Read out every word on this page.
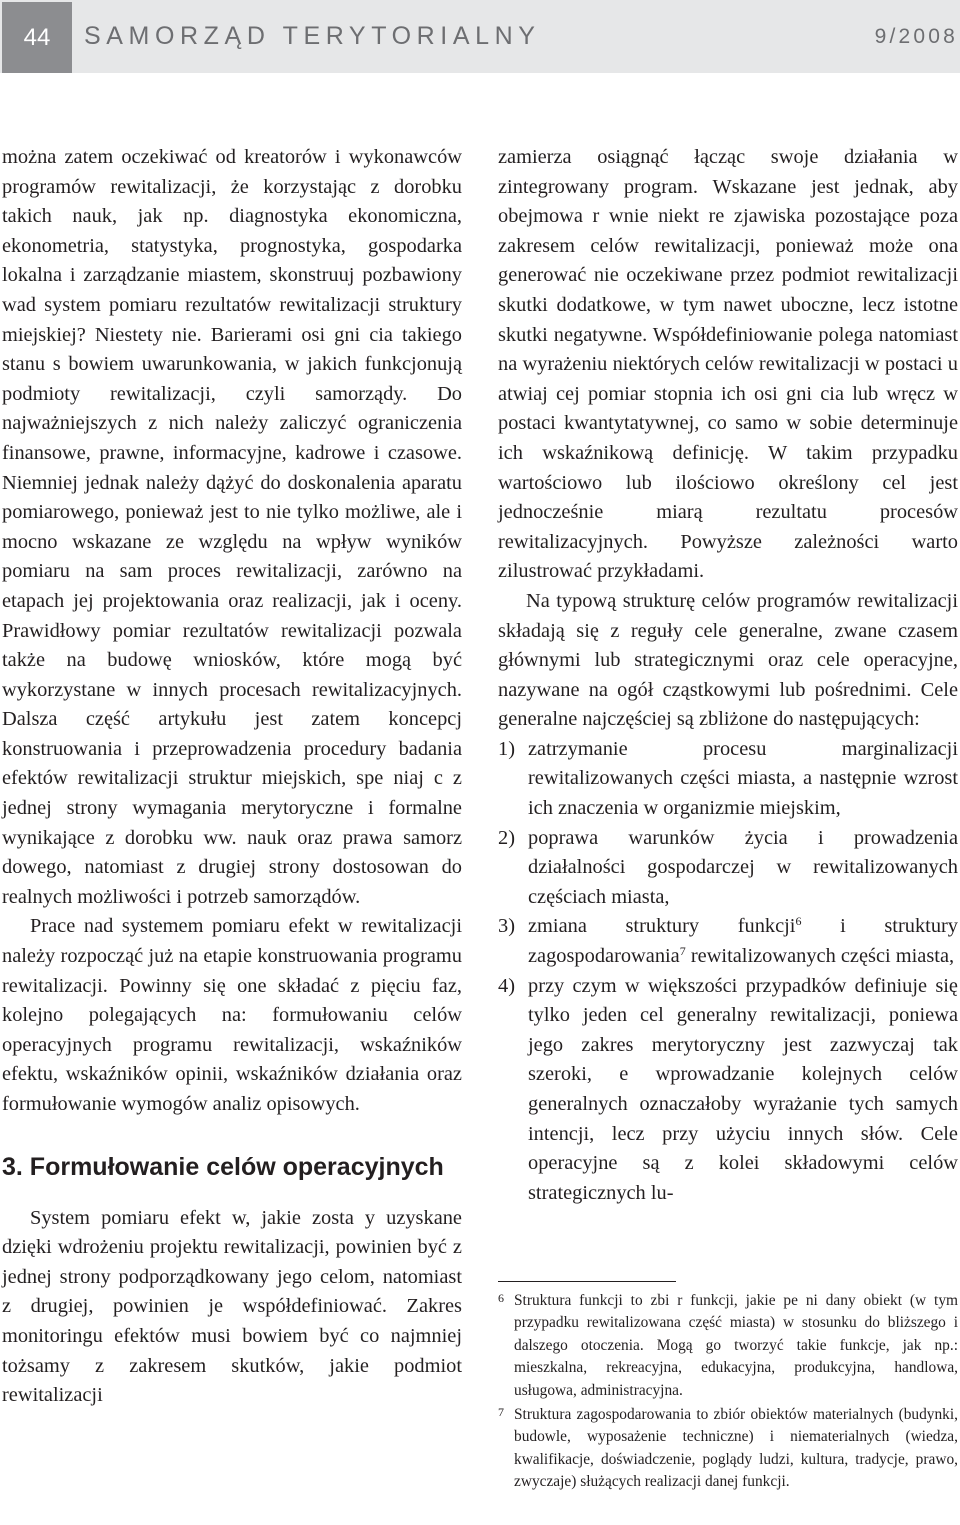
44	SAMORZĄD TERYTORIALNY	9/2008

można zatem oczekiwać od kreatorów i wykonawców programów rewitalizacji, że korzystając z dorobku takich nauk, jak np. diagnostyka ekonomiczna, ekonometria, statystyka, prognostyka, gospodarka lokalna i zarządzanie miastem, skonstruuj pozbawiony wad system pomiaru rezultatów rewitalizacji struktury miejskiej? Niestety nie. Barierami osi gni cia takiego stanu s bowiem uwarunkowania, w jakich funkcjonują podmioty rewitalizacji, czyli samorządy. Do najważniejszych z nich należy zaliczyć ograniczenia finansowe, prawne, informacyjne, kadrowe i czasowe. Niemniej jednak należy dążyć do doskonalenia aparatu pomiarowego, ponieważ jest to nie tylko możliwe, ale i mocno wskazane ze względu na wpływ wyników pomiaru na sam proces rewitalizacji, zarówno na etapach jej projektowania oraz realizacji, jak i oceny. Prawidłowy pomiar rezultatów rewitalizacji pozwala także na budowę wniosków, które mogą być wykorzystane w innych procesach rewitalizacyjnych. Dalsza część artykułu jest zatem koncepcj konstruowania i przeprowadzenia procedury badania efektów rewitalizacji struktur miejskich, spe niaj c z jednej strony wymagania merytoryczne i formalne wynikające z dorobku ww. nauk oraz prawa samorz dowego, natomiast z drugiej strony dostosowan do realnych możliwości i potrzeb samorządów.

Prace nad systemem pomiaru efekt w rewitalizacji należy rozpocząć już na etapie konstruowania programu rewitalizacji. Powinny się one składać z pięciu faz, kolejno polegających na: formułowaniu celów operacyjnych programu rewitalizacji, wskaźników efektu, wskaźników opinii, wskaźników działania oraz formułowanie wymogów analiz opisowych.

3. Formułowanie celów operacyjnych

System pomiaru efekt w, jakie zosta y uzyskane dzięki wdrożeniu projektu rewitalizacji, powinien być z jednej strony podporządkowany jego celom, natomiast z drugiej, powinien je współdefiniować. Zakres monitoringu efektów musi bowiem być co najmniej tożsamy z zakresem skutków, jakie podmiot rewitalizacji

zamierza osiągnąć łącząc swoje działania w zintegrowany program. Wskazane jest jednak, aby obejmowa r wnie niekt re zjawiska pozostające poza zakresem celów rewitalizacji, ponieważ może ona generować nie oczekiwane przez podmiot rewitalizacji skutki dodatkowe, w tym nawet uboczne, lecz istotne skutki negatywne. Współdefiniowanie polega natomiast na wyrażeniu niektórych celów rewitalizacji w postaci u atwiaj cej pomiar stopnia ich osi gni cia lub wręcz w postaci kwantytatywnej, co samo w sobie determinuje ich wskaźnikową definicję. W takim przypadku wartościowo lub ilościowo określony cel jest jednocześnie miarą rezultatu procesów rewitalizacyjnych. Powyższe zależności warto zilustrować przykładami.

Na typową strukturę celów programów rewitalizacji składają się z reguły cele generalne, zwane czasem głównymi lub strategicznymi oraz cele operacyjne, nazywane na ogół cząstkowymi lub pośrednimi. Cele generalne najczęściej są zbliżone do następujących:

1) zatrzymanie procesu marginalizacji rewitalizowanych części miasta, a następnie wzrost ich znaczenia w organizmie miejskim,
2) poprawa warunków życia i prowadzenia działalności gospodarczej w rewitalizowanych częściach miasta,
3) zmiana struktury funkcji$^6$ i struktury zagospodarowania$^7$ rewitalizowanych części miasta,
4) przy czym w większości przypadków definiuje się tylko jeden cel generalny rewitalizacji, poniewa jego zakres merytoryczny jest zazwyczaj tak szeroki, e wprowadzanie kolejnych celów generalnych oznaczałoby wyrażanie tych samych intencji, lecz przy użyciu innych słów. Cele operacyjne są z kolei składowymi celów strategicznych lu-
6 Struktura funkcji to zbi r funkcji, jakie pe ni dany obiekt (w tym przypadku rewitalizowana część miasta) w stosunku do bliższego i dalszego otoczenia. Mogą go tworzyć takie funkcje, jak np.: mieszkalna, rekreacyjna, edukacyjna, produkcyjna, handlowa, usługowa, administracyjna.
7 Struktura zagospodarowania to zbiór obiektów materialnych (budynki, budowle, wyposażenie techniczne) i niematerialnych (wiedza, kwalifikacje, doświadczenie, poglądy ludzi, kultura, tradycje, prawo, zwyczaje) służących realizacji danej funkcji.
